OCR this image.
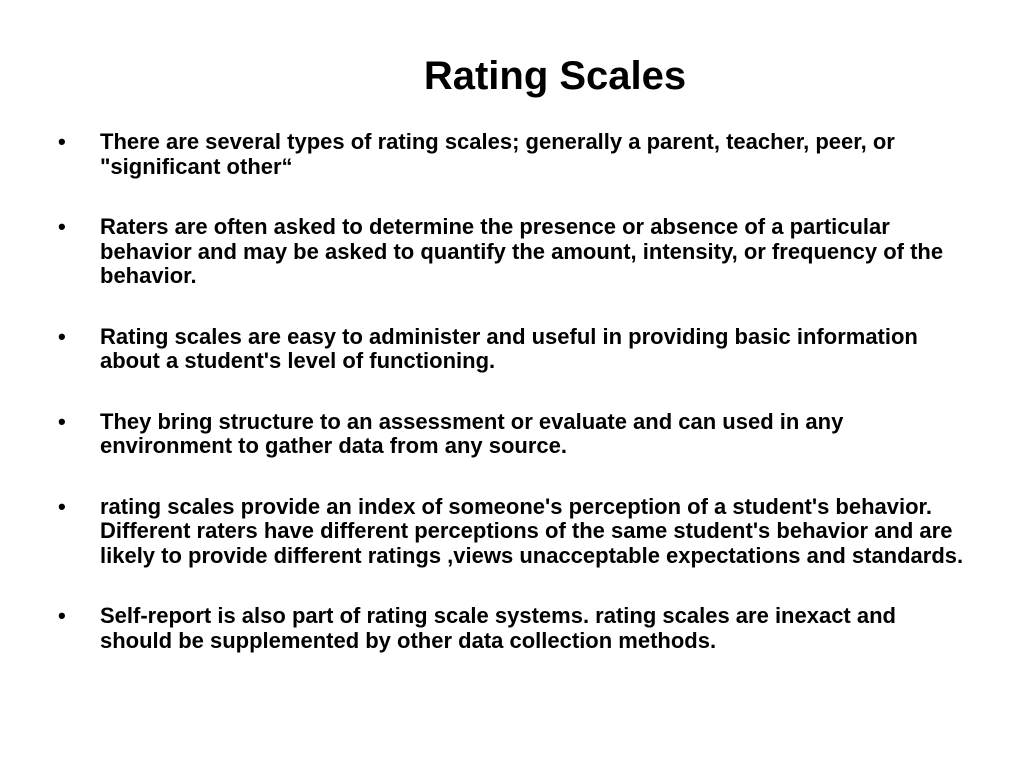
Rating Scales
• There are several types of rating scales; generally a parent, teacher, peer, or "significant other“
• Raters are often asked to determine the presence or absence of a particular behavior and may be asked to quantify the amount, intensity, or frequency of the behavior.
• Rating scales are easy to administer and useful in providing basic information about a student's level of functioning.
• They bring structure to an assessment or evaluate and can used in any environment to gather data from any source.
• rating scales provide an index of someone's perception of a student's behavior. Different raters have different perceptions of the same student's behavior and are likely to provide different ratings ,views unacceptable expectations and standards.
• Self-report is also part of rating scale systems. rating scales are inexact and should be supplemented by other data collection methods.
